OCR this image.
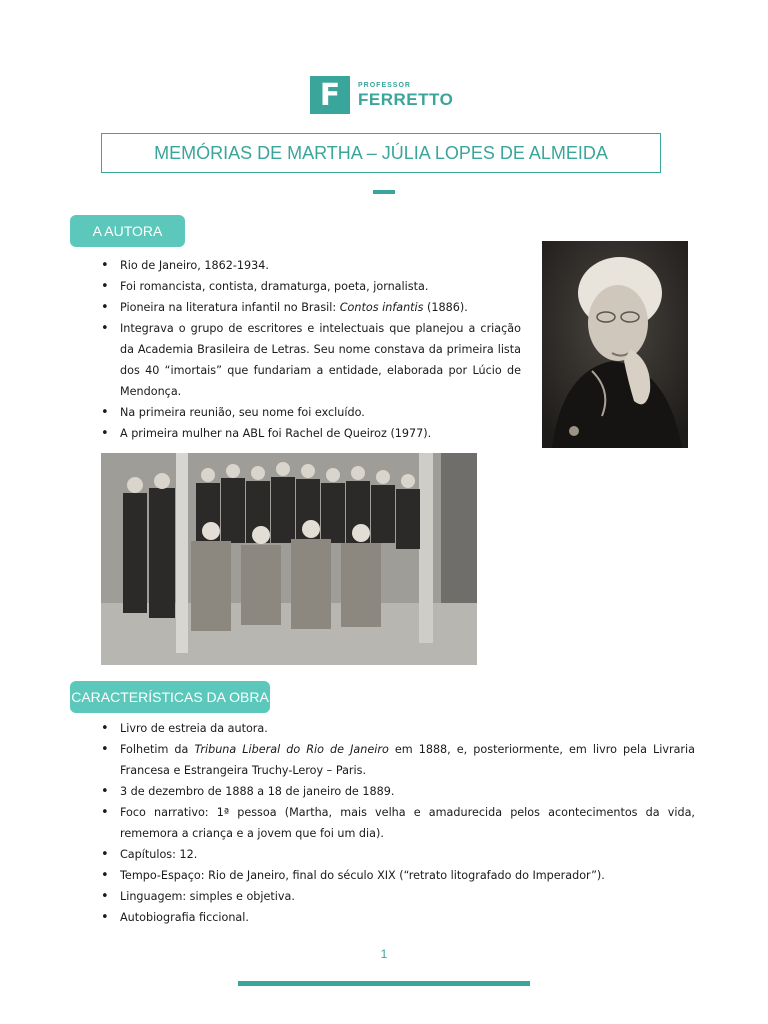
F	PROFESSOR
FERRETTO
MEMÓRIAS DE MARTHA – JÚLIA LOPES DE ALMEIDA
A AUTORA
• Rio de Janeiro, 1862-1934.
• Foi romancista, contista, dramaturga, poeta, jornalista.
• Pioneira na literatura infantil no Brasil: Contos infantis (1886).
• Integrava o grupo de escritores e intelectuais que planejou a criação da Academia Brasileira de Letras. Seu nome constava da primeira lista dos 40 “imortais” que fundariam a entidade, elaborada por Lúcio de Mendonça.
• Na primeira reunião, seu nome foi excluído.
• A primeira mulher na ABL foi Rachel de Queiroz (1977).
CARACTERÍSTICAS DA OBRA
• Livro de estreia da autora.
• Folhetim da Tribuna Liberal do Rio de Janeiro em 1888, e, posteriormente, em livro pela Livraria Francesa e Estrangeira Truchy-Leroy – Paris.
• 3 de dezembro de 1888 a 18 de janeiro de 1889.
• Foco narrativo: 1ª pessoa (Martha, mais velha e amadurecida pelos acontecimentos da vida, rememora a criança e a jovem que foi um dia).
• Capítulos: 12.
• Tempo-Espaço: Rio de Janeiro, final do século XIX (“retrato litografado do Imperador”).
• Linguagem: simples e objetiva.
• Autobiografia ficcional.
1
